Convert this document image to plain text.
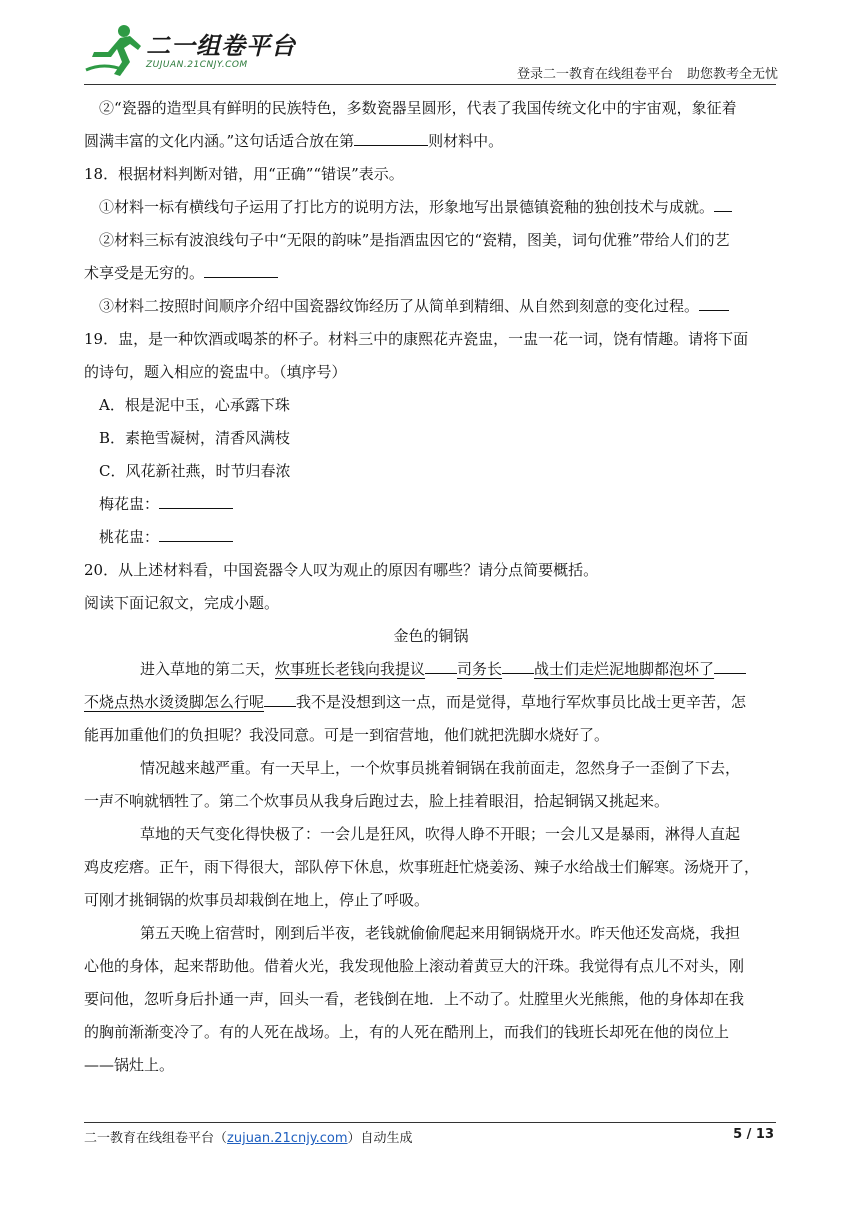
二一组卷平台
ZUJUAN.21CNJY.COM
登录二一教育在线组卷平台 助您教考全无忧
②“瓷器的造型具有鲜明的民族特色，多数瓷器呈圆形，代表了我国传统文化中的宇宙观，象征着
圆满丰富的文化内涵。”这句话适合放在第	则材料中。
18．根据材料判断对错，用“正确”“错误”表示。
①材料一标有横线句子运用了打比方的说明方法，形象地写出景德镇瓷釉的独创技术与成就。
②材料三标有波浪线句子中“无限的韵味”是指酒盅因它的“瓷精，图美，词句优雅”带给人们的艺
术享受是无穷的。
③材料二按照时间顺序介绍中国瓷器纹饰经历了从简单到精细、从自然到刻意的变化过程。
19．盅，是一种饮酒或喝茶的杯子。材料三中的康熙花卉瓷盅，一盅一花一词，饶有情趣。请将下面
的诗句，题入相应的瓷盅中。（填序号）
A．根是泥中玉，心承露下珠
B．素艳雪凝树，清香风满枝
C．风花新社燕，时节归春浓
梅花盅：
桃花盅：
20．从上述材料看，中国瓷器令人叹为观止的原因有哪些？请分点简要概括。
阅读下面记叙文，完成小题。
金色的铜锅
进入草地的第二天，炊事班长老钱向我提议 司务长 战士们走烂泥地脚都泡坏了
不烧点热水烫烫脚怎么行呢 我不是没想到这一点，而是觉得，草地行军炊事员比战士更辛苦，怎
能再加重他们的负担呢？我没同意。可是一到宿营地，他们就把洗脚水烧好了。
情况越来越严重。有一天早上，一个炊事员挑着铜锅在我前面走，忽然身子一歪倒了下去，
一声不响就牺牲了。第二个炊事员从我身后跑过去，脸上挂着眼泪，拾起铜锅又挑起来。
草地的天气变化得快极了：一会儿是狂风，吹得人睁不开眼；一会儿又是暴雨，淋得人直起
鸡皮疙瘩。正午，雨下得很大，部队停下休息，炊事班赶忙烧姜汤、辣子水给战士们解寒。汤烧开了，
可刚才挑铜锅的炊事员却栽倒在地上，停止了呼吸。
第五天晚上宿营时，刚到后半夜，老钱就偷偷爬起来用铜锅烧开水。昨天他还发高烧，我担
心他的身体，起来帮助他。借着火光，我发现他脸上滚动着黄豆大的汗珠。我觉得有点儿不对头，刚
要问他，忽听身后扑通一声，回头一看，老钱倒在地．上不动了。灶膛里火光熊熊，他的身体却在我
的胸前渐渐变冷了。有的人死在战场。上，有的人死在酷刑上，而我们的钱班长却死在他的岗位上
——锅灶上。
二一教育在线组卷平台（zujuan.21cnjy.com）自动生成	5 / 13
